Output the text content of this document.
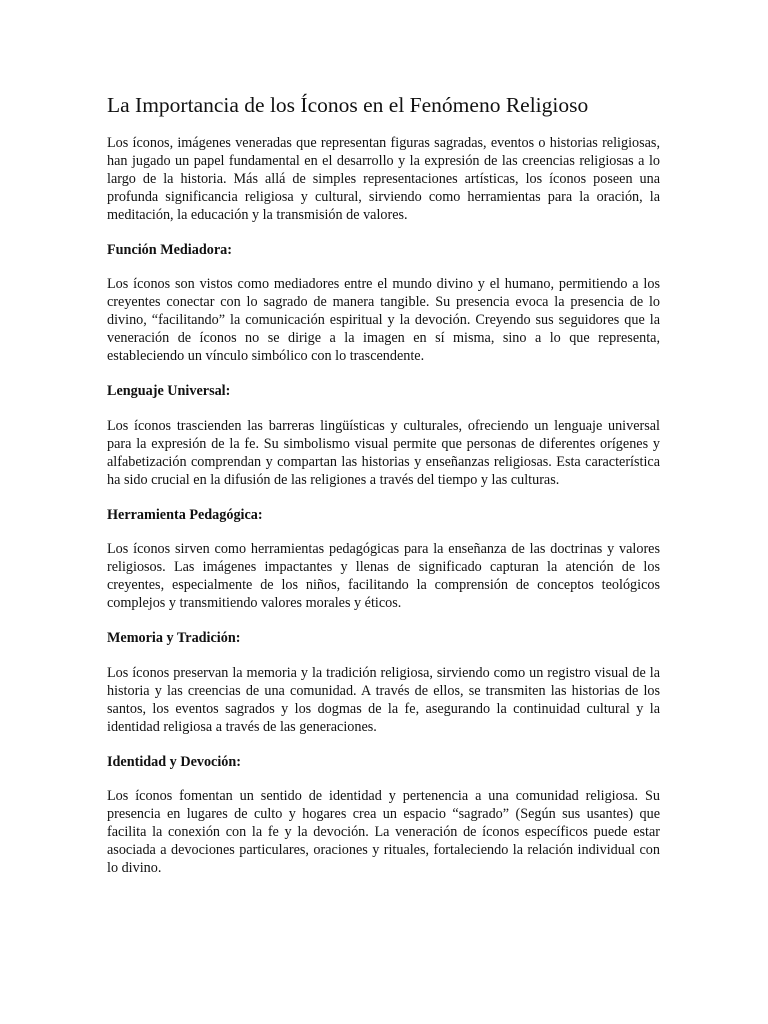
La Importancia de los Íconos en el Fenómeno Religioso

Los íconos, imágenes veneradas que representan figuras sagradas, eventos o historias religiosas, han jugado un papel fundamental en el desarrollo y la expresión de las creencias religiosas a lo largo de la historia. Más allá de simples representaciones artísticas, los íconos poseen una profunda significancia religiosa y cultural, sirviendo como herramientas para la oración, la meditación, la educación y la transmisión de valores.

Función Mediadora:

Los íconos son vistos como mediadores entre el mundo divino y el humano, permitiendo a los creyentes conectar con lo sagrado de manera tangible. Su presencia evoca la presencia de lo divino, “facilitando” la comunicación espiritual y la devoción. Creyendo sus seguidores que la veneración de íconos no se dirige a la imagen en sí misma, sino a lo que representa, estableciendo un vínculo simbólico con lo trascendente.

Lenguaje Universal:

Los íconos trascienden las barreras lingüísticas y culturales, ofreciendo un lenguaje universal para la expresión de la fe. Su simbolismo visual permite que personas de diferentes orígenes y alfabetización comprendan y compartan las historias y enseñanzas religiosas. Esta característica ha sido crucial en la difusión de las religiones a través del tiempo y las culturas.

Herramienta Pedagógica:

Los íconos sirven como herramientas pedagógicas para la enseñanza de las doctrinas y valores religiosos. Las imágenes impactantes y llenas de significado capturan la atención de los creyentes, especialmente de los niños, facilitando la comprensión de conceptos teológicos complejos y transmitiendo valores morales y éticos.

Memoria y Tradición:

Los íconos preservan la memoria y la tradición religiosa, sirviendo como un registro visual de la historia y las creencias de una comunidad. A través de ellos, se transmiten las historias de los santos, los eventos sagrados y los dogmas de la fe, asegurando la continuidad cultural y la identidad religiosa a través de las generaciones.

Identidad y Devoción:

Los íconos fomentan un sentido de identidad y pertenencia a una comunidad religiosa. Su presencia en lugares de culto y hogares crea un espacio “sagrado” (Según sus usantes) que facilita la conexión con la fe y la devoción. La veneración de íconos específicos puede estar asociada a devociones particulares, oraciones y rituales, fortaleciendo la relación individual con lo divino.
